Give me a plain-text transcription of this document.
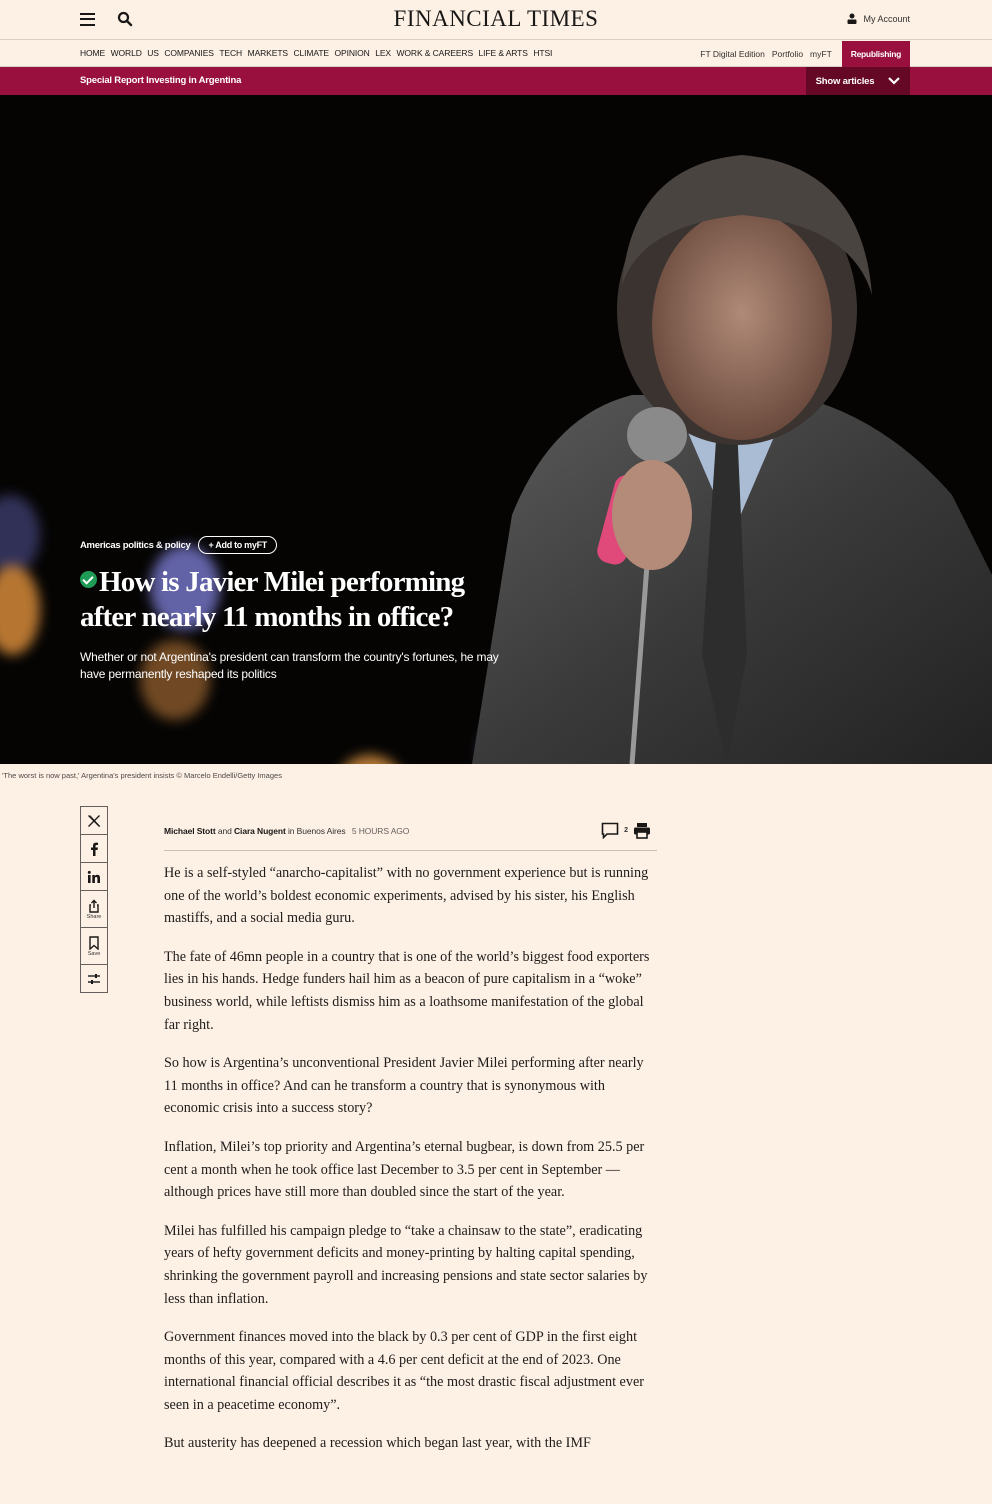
FINANCIAL TIMES	My Account
HOME WORLD US COMPANIES TECH MARKETS CLIMATE OPINION LEX WORK & CAREERS LIFE & ARTS HTSI	FT Digital Edition Portfolio myFT	Republishing
Special Report Investing in Argentina	Show articles
Americas politics & policy	+ Add to myFT
How is Javier Milei performing after nearly 11 months in office?

Whether or not Argentina's president can transform the country's fortunes, he may have permanently reshaped its politics

'The worst is now past,' Argentina's president insists © Marcelo Endelli/Getty Images
Share
Save
Michael Stott and Ciara Nugent in Buenos Aires 5 HOURS AGO	2

He is a self-styled “anarcho-capitalist” with no government experience but is running one of the world’s boldest economic experiments, advised by his sister, his English mastiffs, and a social media guru.

The fate of 46mn people in a country that is one of the world’s biggest food exporters lies in his hands. Hedge funders hail him as a beacon of pure capitalism in a “woke” business world, while leftists dismiss him as a loathsome manifestation of the global far right.

So how is Argentina’s unconventional President Javier Milei performing after nearly 11 months in office? And can he transform a country that is synonymous with economic crisis into a success story?

Inflation, Milei’s top priority and Argentina’s eternal bugbear, is down from 25.5 per cent a month when he took office last December to 3.5 per cent in September — although prices have still more than doubled since the start of the year.

Milei has fulfilled his campaign pledge to “take a chainsaw to the state”, eradicating years of hefty government deficits and money-printing by halting capital spending, shrinking the government payroll and increasing pensions and state sector salaries by less than inflation.

Government finances moved into the black by 0.3 per cent of GDP in the first eight months of this year, compared with a 4.6 per cent deficit at the end of 2023. One international financial official describes it as “the most drastic fiscal adjustment ever seen in a peacetime economy”.

But austerity has deepened a recession which began last year, with the IMF
